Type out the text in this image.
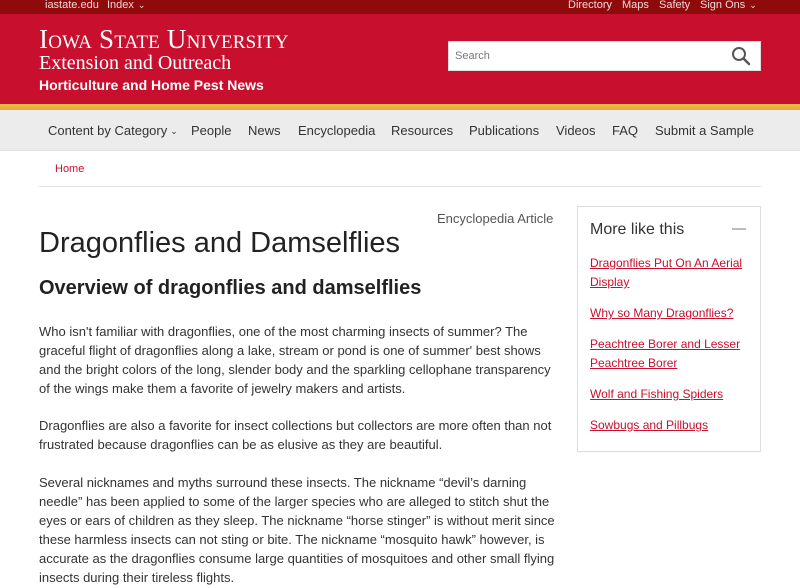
iastate.edu Index ⌄	Directory Maps Safety Sign Ons ⌄
Iowa State University
Extension and Outreach
Horticulture and Home Pest News
Search
Content by Category ⌄ People News Encyclopedia Resources Publications Videos FAQ Submit a Sample
Home
Encyclopedia Article
Dragonflies and Damselflies
Overview of dragonflies and damselflies

Who isn't familiar with dragonflies, one of the most charming insects of summer? The graceful flight of dragonflies along a lake, stream or pond is one of summer' best shows and the bright colors of the long, slender body and the sparkling cellophane transparency of the wings make them a favorite of jewelry makers and artists.

Dragonflies are also a favorite for insect collections but collectors are more often than not frustrated because dragonflies can be as elusive as they are beautiful.

Several nicknames and myths surround these insects. The nickname “devil’s darning needle” has been applied to some of the larger species who are alleged to stitch shut the eyes or ears of children as they sleep. The nickname “horse stinger” is without merit since these harmless insects can not sting or bite. The nickname “mosquito hawk” however, is accurate as the dragonflies consume large quantities of mosquitoes and other small flying insects during their tireless flights.

More like this
Dragonflies Put On An Aerial Display
Why so Many Dragonflies?
Peachtree Borer and Lesser Peachtree Borer
Wolf and Fishing Spiders
Sowbugs and Pillbugs
